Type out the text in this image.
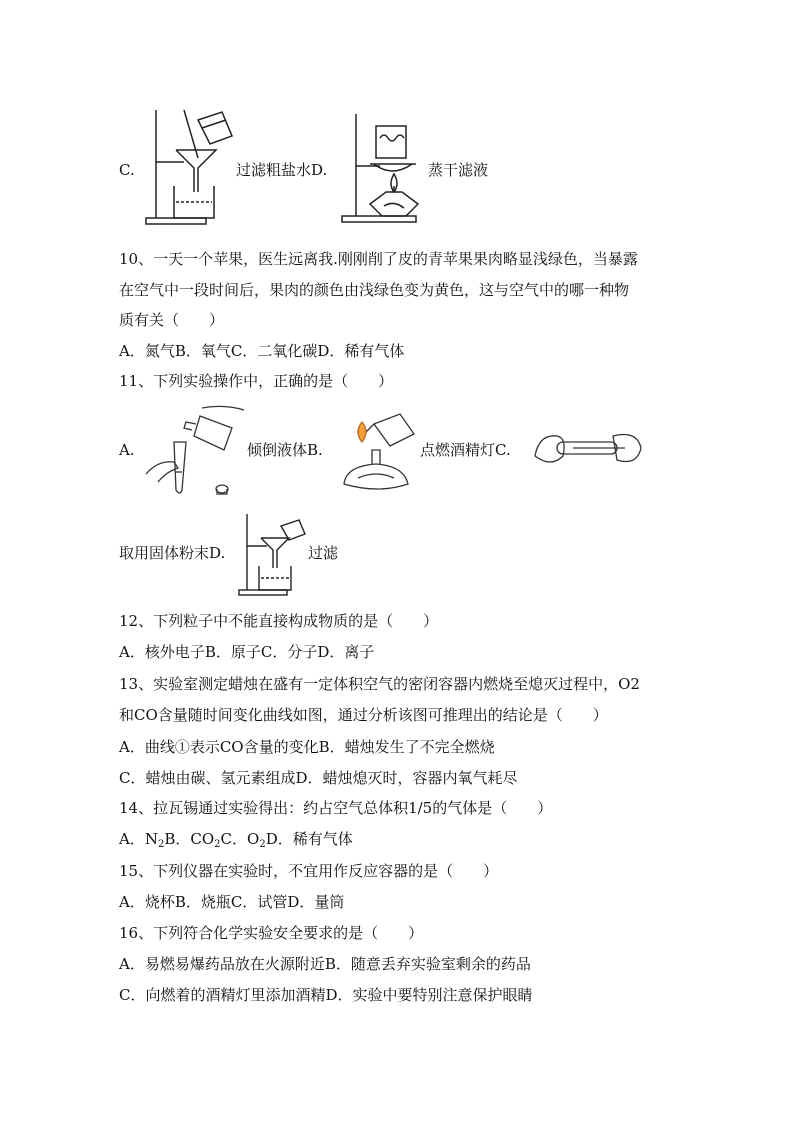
C.	过滤粗盐水D.	蒸干滤液
10、一天一个苹果，医生远离我.刚刚削了皮的青苹果果肉略显浅绿色，当暴露
在空气中一段时间后，果肉的颜色由浅绿色变为黄色，这与空气中的哪一种物
质有关（　　）
A．氮气B．氧气C．二氧化碳D．稀有气体
11、下列实验操作中，正确的是（　　）
A.	倾倒液体B.	点燃酒精灯C.
取用固体粉末D.	过滤
12、下列粒子中不能直接构成物质的是（　　）
A．核外电子B．原子C．分子D．离子
13、实验室测定蜡烛在盛有一定体积空气的密闭容器内燃烧至熄灭过程中，O2
和CO含量随时间变化曲线如图，通过分析该图可推理出的结论是（　　）
A．曲线①表示CO含量的变化B．蜡烛发生了不完全燃烧
C．蜡烛由碳、氢元素组成D．蜡烛熄灭时，容器内氧气耗尽
14、拉瓦锡通过实验得出：约占空气总体积1/5的气体是（　　）
A．$N_2B$．$CO_2C$．$O_2D$．稀有气体
15、下列仪器在实验时，不宜用作反应容器的是（　　）
A．烧杯B．烧瓶C．试管D．量筒
16、下列符合化学实验安全要求的是（　　）
A．易燃易爆药品放在火源附近B．随意丢弃实验室剩余的药品
C．向燃着的酒精灯里添加酒精D．实验中要特别注意保护眼睛
